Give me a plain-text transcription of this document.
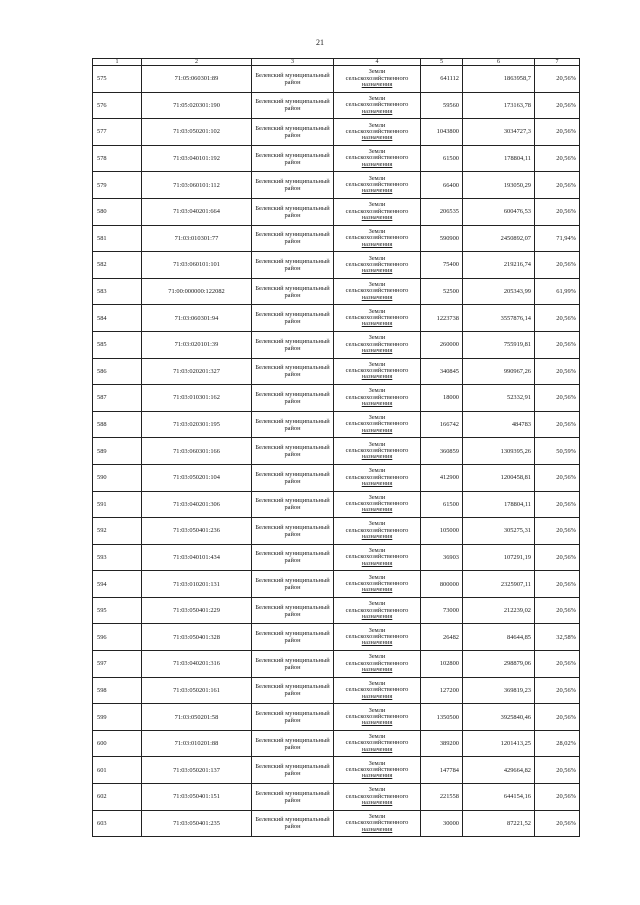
21
1	2	3	4	5	6	7
575	71:05:060301:89	Белевский муниципальный район	Земли
сельскохозяйственного
назначения	641112	1863958,7	20,56%
576	71:05:020301:190	Белевский муниципальный район	Земли
сельскохозяйственного
назначения	59560	173163,78	20,56%
577	71:03:050201:102	Белевский муниципальный район	Земли
сельскохозяйственного
назначения	1043800	3034727,3	20,56%
578	71:03:040101:192	Белевский муниципальный район	Земли
сельскохозяйственного
назначения	61500	178804,11	20,56%
579	71:03:060101:112	Белевский муниципальный район	Земли
сельскохозяйственного
назначения	66400	193050,29	20,56%
580	71:03:040201:664	Белевский муниципальный район	Земли
сельскохозяйственного
назначения	206535	600476,53	20,56%
581	71:03:010301:77	Белевский муниципальный район	Земли
сельскохозяйственного
назначения	590900	2450892,07	71,94%
582	71:03:060101:101	Белевский муниципальный район	Земли
сельскохозяйственного
назначения	75400	219216,74	20,56%
583	71:00:000000:122082	Белевский муниципальный район	Земли
сельскохозяйственного
назначения	52500	205343,99	61,99%
584	71:03:060301:94	Белевский муниципальный район	Земли
сельскохозяйственного
назначения	1223738	3557876,14	20,56%
585	71:03:020101:39	Белевский муниципальный район	Земли
сельскохозяйственного
назначения	260000	755919,81	20,56%
586	71:03:020201:327	Белевский муниципальный район	Земли
сельскохозяйственного
назначения	340845	990967,26	20,56%
587	71:03:010301:162	Белевский муниципальный район	Земли
сельскохозяйственного
назначения	18000	52332,91	20,56%
588	71:03:020301:195	Белевский муниципальный район	Земли
сельскохозяйственного
назначения	166742	484783	20,56%
589	71:03:060301:166	Белевский муниципальный район	Земли
сельскохозяйственного
назначения	360859	1309395,26	50,59%
590	71:03:050201:104	Белевский муниципальный район	Земли
сельскохозяйственного
назначения	412900	1200458,81	20,56%
591	71:03:040201:306	Белевский муниципальный район	Земли
сельскохозяйственного
назначения	61500	178804,11	20,56%
592	71:03:050401:236	Белевский муниципальный район	Земли
сельскохозяйственного
назначения	105000	305275,31	20,56%
593	71:03:040101:434	Белевский муниципальный район	Земли
сельскохозяйственного
назначения	36903	107291,19	20,56%
594	71:03:010201:131	Белевский муниципальный район	Земли
сельскохозяйственного
назначения	800000	2325907,11	20,56%
595	71:03:050401:229	Белевский муниципальный район	Земли
сельскохозяйственного
назначения	73000	212239,02	20,56%
596	71:03:050401:328	Белевский муниципальный район	Земли
сельскохозяйственного
назначения	26482	84644,85	32,58%
597	71:03:040201:316	Белевский муниципальный район	Земли
сельскохозяйственного
назначения	102800	298879,06	20,56%
598	71:03:050201:161	Белевский муниципальный район	Земли
сельскохозяйственного
назначения	127200	369819,23	20,56%
599	71:03:050201:58	Белевский муниципальный район	Земли
сельскохозяйственного
назначения	1350500	3925840,46	20,56%
600	71:03:010201:88	Белевский муниципальный район	Земли
сельскохозяйственного
назначения	389200	1201413,25	28,02%
601	71:03:050201:137	Белевский муниципальный район	Земли
сельскохозяйственного
назначения	147784	429664,82	20,56%
602	71:03:050401:151	Белевский муниципальный район	Земли
сельскохозяйственного
назначения	221558	644154,16	20,56%
603	71:03:050401:235	Белевский муниципальный район	Земли
сельскохозяйственного
назначения	30000	87221,52	20,56%
